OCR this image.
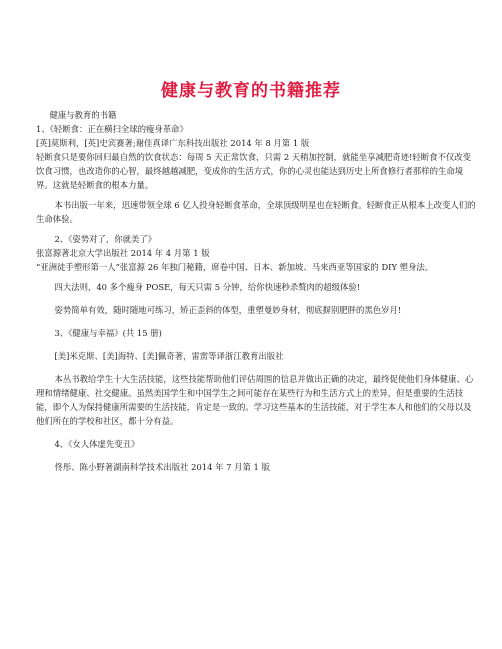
健康与教育的书籍推荐

健康与教育的书籍

1、《轻断食：正在横扫全球的瘦身革命》

[英]莫斯利，[英]史宾赛著;谢佳真译广东科技出版社 2014 年 8 月第 1 版

轻断食只是要你回归最自然的饮食状态：每周 5 天正常饮食，只需 2 天稍加控制，就能坐享减肥奇迹!轻断食不仅改变饮食习惯，也改造你的心智，最终越越减肥，变成你的生活方式，你的心灵也能达到历史上所食修行者那样的生命境界。这就是轻断食的根本力量。

本书出版一年来，迅速带领全球 6 亿人投身轻断食革命，全球顶级明星也在轻断食。轻断食正从根本上改变人们的生命体验。

2、《姿势对了，你就美了》

张富源著北京大学出版社 2014 年 4 月第 1 版

“亚洲徒手塑形第一人”张富源 26 年独门秘籍，席卷中国、日本、新加坡、马来西亚等国家的 DIY 塑身法。

四大法则，40 多个瘦身 POSE，每天只需 5 分钟，给你快速秒杀赘肉的超级体验!

姿势简单有效，随时随地可练习，矫正歪斜的体型，重塑曼妙身材，彻底摒别肥胖的黑色岁月!

3、《健康与幸福》(共 15 册)

[美]米克斯、[美]海特、[美]佩奇著，雷雳等译浙江教育出版社

本丛书教给学生十大生活技能，这些技能帮助他们评估周围的信息并做出正确的决定，最终促使他们身体健康、心理和情绪健康、社交健康。虽然美国学生和中国学生之间可能存在某些行为和生活方式上的差异，但是重要的生活技能，即个人为保持健康所需要的生活技能，肯定是一致的。学习这些基本的生活技能，对于学生本人和他们的父母以及他们所在的学校和社区，都十分有益。

4、《女人体虚先变丑》

佟彤、陈小野著湖南科学技术出版社 2014 年 7 月第 1 版
